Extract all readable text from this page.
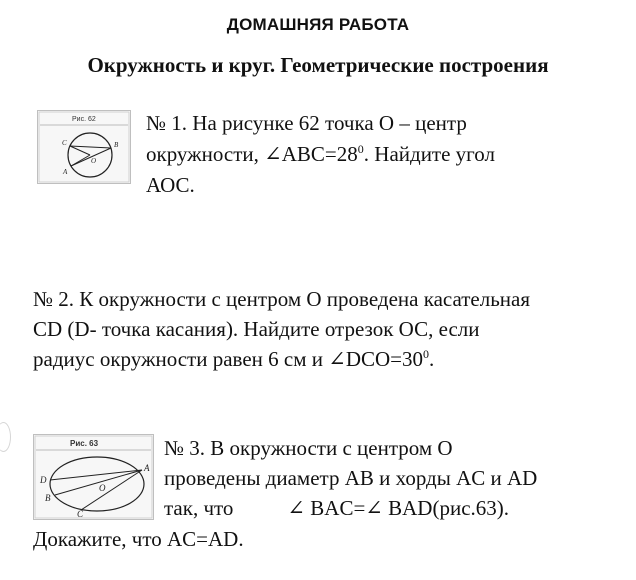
ДОМАШНЯЯ РАБОТА
Окружность и круг. Геометрические построения
Рис. 62
C	B
O
A
№ 1. На рисунке 62 точка О – центр
окружности, $\angle ABC=28^0$. Найдите угол
АОС.
№ 2. К окружности с центром О проведена касательная
CD (D- точка касания). Найдите отрезок ОС, если
радиус окружности равен 6 см и $\angle DCO=30^0$.
Рис. 63
D
B
O
A
C
№ 3. В окружности с центром О
проведены диаметр AB и хорды AC и AD
так, что	∠ BAC=∠ BAD(рис.63).
Докажите, что AC=AD.
